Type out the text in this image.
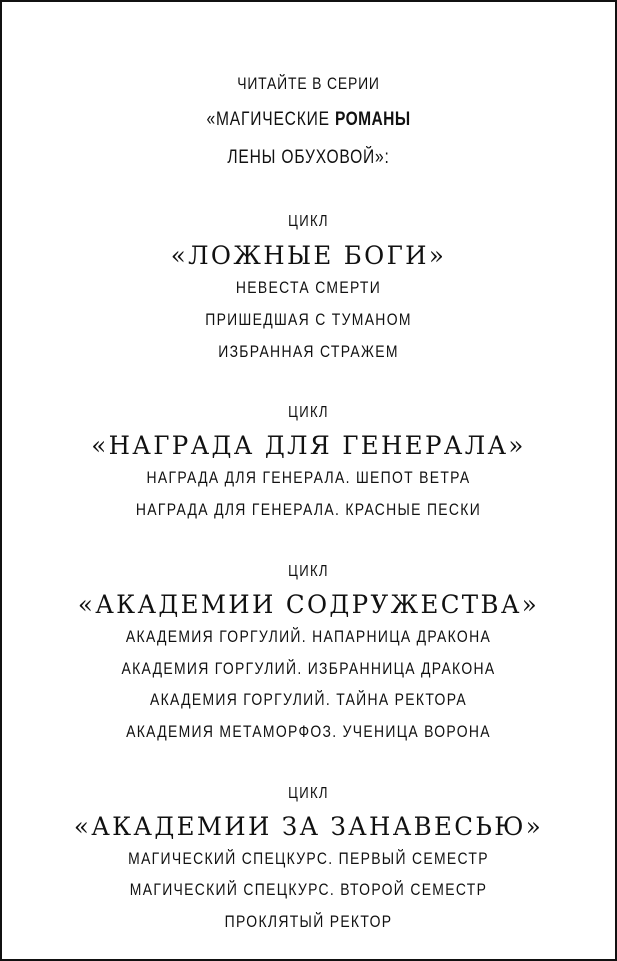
ЧИТАЙТЕ В СЕРИИ
«МАГИЧЕСКИЕ РОМАНЫ
ЛЕНЫ ОБУХОВОЙ»:
ЦИКЛ
«ЛОЖНЫЕ БОГИ»
НЕВЕСТА СМЕРТИ
ПРИШЕДШАЯ С ТУМАНОМ
ИЗБРАННАЯ СТРАЖЕМ
ЦИКЛ
«НАГРАДА ДЛЯ ГЕНЕРАЛА»
НАГРАДА ДЛЯ ГЕНЕРАЛА. ШЕПОТ ВЕТРА
НАГРАДА ДЛЯ ГЕНЕРАЛА. КРАСНЫЕ ПЕСКИ
ЦИКЛ
«АКАДЕМИИ СОДРУЖЕСТВА»
АКАДЕМИЯ ГОРГУЛИЙ. НАПАРНИЦА ДРАКОНА
АКАДЕМИЯ ГОРГУЛИЙ. ИЗБРАННИЦА ДРАКОНА
АКАДЕМИЯ ГОРГУЛИЙ. ТАЙНА РЕКТОРА
АКАДЕМИЯ МЕТАМОРФОЗ. УЧЕНИЦА ВОРОНА
ЦИКЛ
«АКАДЕМИИ ЗА ЗАНАВЕСЬЮ»
МАГИЧЕСКИЙ СПЕЦКУРС. ПЕРВЫЙ СЕМЕСТР
МАГИЧЕСКИЙ СПЕЦКУРС. ВТОРОЙ СЕМЕСТР
ПРОКЛЯТЫЙ РЕКТОР
